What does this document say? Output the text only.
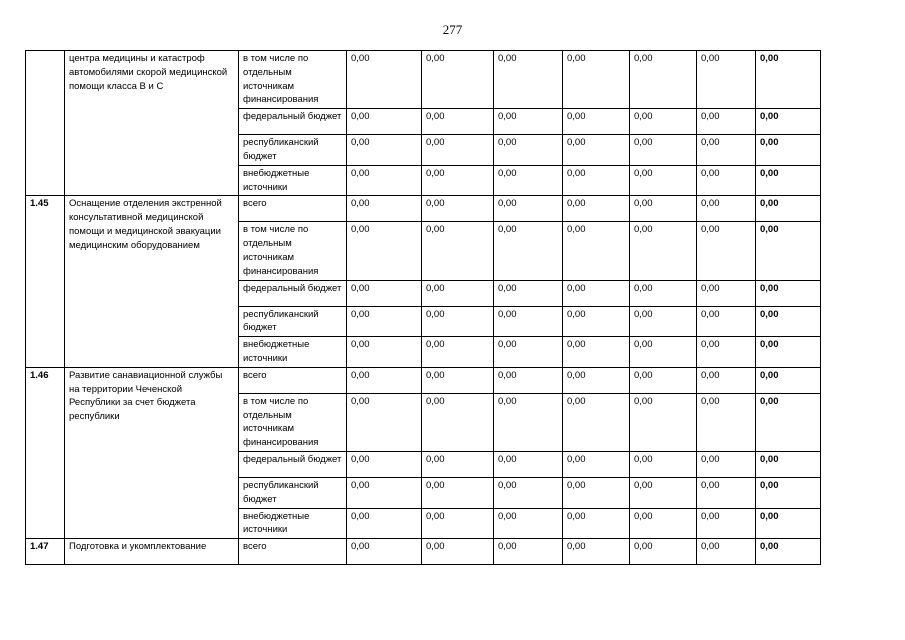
277
	центра медицины и катастроф автомобилями скорой медицинской помощи класса В и С	в том числе по отдельным источникам финансирования	0,00	0,00	0,00	0,00	0,00	0,00	0,00
		федеральный бюджет	0,00	0,00	0,00	0,00	0,00	0,00	0,00
		республиканский бюджет	0,00	0,00	0,00	0,00	0,00	0,00	0,00
		внебюджетные источники	0,00	0,00	0,00	0,00	0,00	0,00	0,00
1.45	Оснащение отделения экстренной консультативной медицинской помощи и медицинской эвакуации медицинским оборудованием	всего	0,00	0,00	0,00	0,00	0,00	0,00	0,00
		в том числе по отдельным источникам финансирования	0,00	0,00	0,00	0,00	0,00	0,00	0,00
		федеральный бюджет	0,00	0,00	0,00	0,00	0,00	0,00	0,00
		республиканский бюджет	0,00	0,00	0,00	0,00	0,00	0,00	0,00
		внебюджетные источники	0,00	0,00	0,00	0,00	0,00	0,00	0,00
1.46	Развитие санавиационной службы на территории Чеченской Республики за счет бюджета республики	всего	0,00	0,00	0,00	0,00	0,00	0,00	0,00
		в том числе по отдельным источникам финансирования	0,00	0,00	0,00	0,00	0,00	0,00	0,00
		федеральный бюджет	0,00	0,00	0,00	0,00	0,00	0,00	0,00
		республиканский бюджет	0,00	0,00	0,00	0,00	0,00	0,00	0,00
		внебюджетные источники	0,00	0,00	0,00	0,00	0,00	0,00	0,00
1.47	Подготовка и укомплектование	всего	0,00	0,00	0,00	0,00	0,00	0,00	0,00
